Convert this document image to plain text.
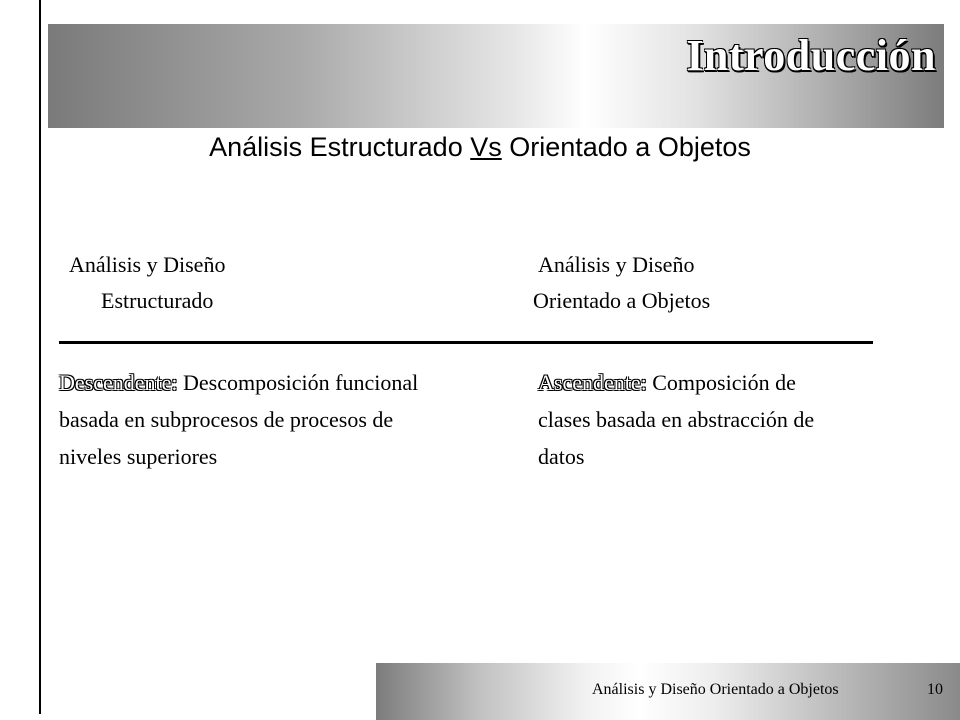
Introducción
Análisis Estructurado Vs Orientado a Objetos
Análisis y Diseño
Estructurado
Análisis y Diseño
Orientado a Objetos
Descendente: Descomposición funcional
basada en subprocesos de procesos de
niveles superiores
Ascendente: Composición de
clases basada en abstracción de
datos
Análisis y Diseño Orientado a Objetos	10
